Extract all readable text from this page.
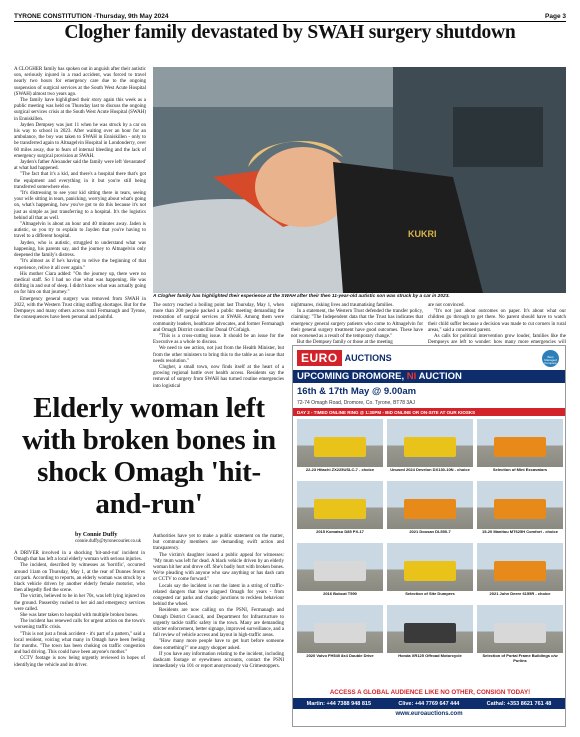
TYRONE CONSTITUTION -Thursday, 9th May 2024	Page 3
Clogher family devastated by SWAH surgery shutdown

A CLOGHER family has spoken out in anguish after their autistic son, seriously injured in a road accident, was forced to travel nearly two hours for emergency care due to the ongoing suspension of surgical services at the South West Acute Hospital (SWAH) almost two years ago.

The family have highlighted their story again this week as a public meeting was held on Thursday last to discuss the ongoing surgical services crisis at the South West Acute Hospital (SWAH) in Enniskillen.

Jayden Dempsey was just 11 when he was struck by a car on his way to school in 2023. After waiting over an hour for an ambulance, the boy was taken to SWAH in Enniskillen - only to be transferred again to Altnagelvin Hospital in Londonderry, over 60 miles away, due to fears of internal bleeding and the lack of emergency surgical provision at SWAH.

Jayden's father Alexander said the family were left 'devastated' at what had happened.

"The fact that it's a kid, and there's a hospital there that's got the equipment and everything in it but you're still being transferred somewhere else.

"It's distressing to see your kid sitting there in tears, seeing your wife sitting in tears, panicking, worrying about what's going on, what's happening, how you've got to do this because it's not just as simple as just transferring to a hospital. It's the logistics behind all that as well.

"Altnagelvin is about an hour and 40 minutes away. Jaden is autistic, so you try to explain to Jayden that you're having to travel to a different hospital.

Jayden, who is autistic, struggled to understand what was happening, his parents say, and the journey to Altnagelvin only deepened the family's distress.

"It's almost as if he's having to relive the beginning of that experience, relive it all over again."

His mother Ciara added: "On the journey up, there were no medical staff. So I had no clue what was happening. He was drifting in and out of sleep. I didn't know what was actually going on for him on that journey."

Emergency general surgery was removed from SWAH in 2022, with the Western Trust citing staffing shortages. But for the Dempseys and many others across rural Fermanagh and Tyrone, the consequences have been personal and painful.

KUKRI
A Clogher family has highlighted their experience at the SWAH after their then 11-year-old autistic son was struck by a car in 2023.

The outcry reached a boiling point last Thursday, May 1, when more than 200 people packed a public meeting demanding the restoration of surgical services at SWAH. Among them were community leaders, healthcare advocates, and former Fermanagh and Omagh District councillor Donal O'Cofaigh.

"This is a cross-cutting issue. It should be an issue for the Executive as a whole to discuss.

We need to see action, not just from the Health Minister, but from the other ministers to bring this to the table as an issue that needs resolution."

Clogher, a small town, now finds itself at the heart of a growing regional battle over health access. Residents say the removal of surgery from SWAH has turned routine emergencies into logistical

nightmares, risking lives and traumatising families.

In a statement, the Western Trust defended the transfer policy, claiming: "The Independent data that the Trust has indicates that emergency general surgery patients who come to Altnagelvin for their general surgery treatment have good outcomes. These have not worsened as a result of the temporary change."

But the Dempsey family or those at the meeting

are not convinced.

"It's not just about outcomes on paper. It's about what our children go through to get there. No parent should have to watch their child suffer because a decision was made to cut corners in rural areas," said a concerned parent.

As calls for political intervention grow louder, families like the Dempseys are left to wonder: how many more emergencies will

Elderly woman left with broken bones in shock Omagh 'hit-and-run'
by Connie Duffy
connie.duffy@tyronecourier.co.uk

A DRIVER involved in a shocking 'hit-and-run' incident in Omagh that has left a local elderly woman with serious injuries.

The incident, described by witnesses as 'horrific', occurred around 11am on Thursday, May 1, at the rear of Dunnes Stores car park. According to reports, an elderly woman was struck by a black vehicle driven by another elderly female motorist, who then allegedly fled the scene.

The victim, believed to be in her 70s, was left lying injured on the ground. Passersby rushed to her aid and emergency services were called.

She was later taken to hospital with multiple broken bones.

The incident has renewed calls for urgent action on the town's worsening traffic crisis.

"This is not just a freak accident - it's part of a pattern," said a local resident, voicing what many in Omagh have been feeling for months. "The town has been choking on traffic congestion and bad driving. This could have been anyone's mother."

CCTV footage is now being urgently reviewed in hopes of identifying the vehicle and its driver.

Authorities have yet to make a public statement on the matter, but community members are demanding swift action and transparency.

The victim's daughter issued a public appeal for witnesses: "My mum was left for dead. A black vehicle driven by an elderly woman hit her and drove off. She's badly hurt with broken bones. We're pleading with anyone who saw anything or has dash cam or CCTV to come forward."

Locals say the incident is not the latest in a string of traffic-related dangers that have plagued Omagh for years - from congested car parks and chaotic junctions to reckless behaviour behind the wheel.

Residents are now calling on the PSNI, Fermanagh and Omagh District Council, and Department for Infrastructure to urgently tackle traffic safety in the town. Many are demanding stricter enforcement, better signage, improved surveillance, and a full review of vehicle access and layout in high-traffic areas.

"How many more people have to get hurt before someone does something?" one angry shopper asked.

If you have any information relating to the incident, including dashcam footage or eyewitness accounts, contact the PSNI immediately via 101 or report anonymously via Crimestoppers.

EURO AUCTIONS	Best Managed Company
UPCOMING DROMORE, NI AUCTION
16th & 17th May @ 9.00am
72-74 Omagh Road, Dromore, Co. Tyrone, BT78 3AJ
DAY 2 - TIMED ONLINE RING @ 1:30PM - BID ONLINE OR ON-SITE AT OUR KIOSKS
22-23 Hitachi ZX225USLC-7 - choice	Unused 2024 Develon DX130-10N - choice	Selection of Mini Excavators
2015 Komatsu D85 PX-17	2021 Doosan DL550-7	15-20 Manitou MT625H Comfort - choice
2016 Bobcat T590	Selection of Site Dumpers	2021 John Deere 6155R - choice
2020 Volvo FH540 8x4 Double Drive	Honda XR125 Offroad Motorcycle	Selection of Portal Frame Buildings c/w Purlins
ACCESS A GLOBAL AUDIENCE LIKE NO OTHER, CONSIGN TODAY!
Martin: +44 7388 948 815	Clive: +44 7769 647 444	Cathal: +353 8621 761 48
www.euroauctions.com
